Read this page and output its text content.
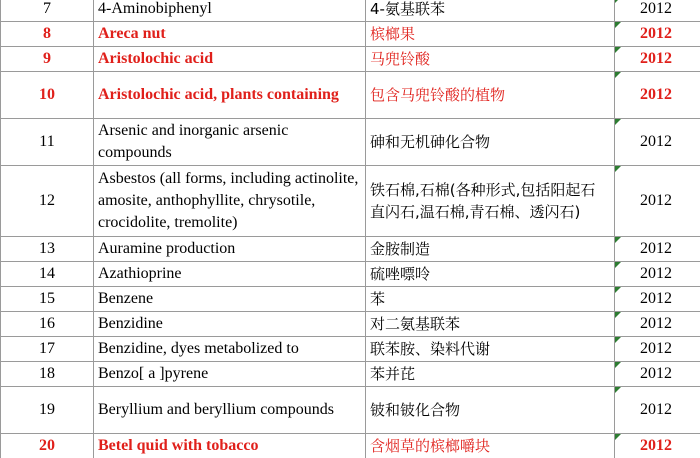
7	4-Aminobiphenyl	4-氨基联苯	2012
8	Areca nut	槟榔果	2012
9	Aristolochic acid	马兜铃酸	2012
10	Aristolochic acid, plants containing	包含马兜铃酸的植物	2012
11	Arsenic and inorganic arsenic compounds	砷和无机砷化合物	2012
12	Asbestos (all forms, including actinolite, amosite, anthophyllite, chrysotile, crocidolite, tremolite)	铁石棉,石棉(各种形式,包括阳起石直闪石,温石棉,青石棉、透闪石)	2012
13	Auramine production	金胺制造	2012
14	Azathioprine	硫唑嘌呤	2012
15	Benzene	苯	2012
16	Benzidine	对二氨基联苯	2012
17	Benzidine, dyes metabolized to	联苯胺、染料代谢	2012
18	Benzo[ a ]pyrene	苯并芘	2012
19	Beryllium and beryllium compounds	铍和铍化合物	2012
20	Betel quid with tobacco	含烟草的槟榔嚼块	2012
